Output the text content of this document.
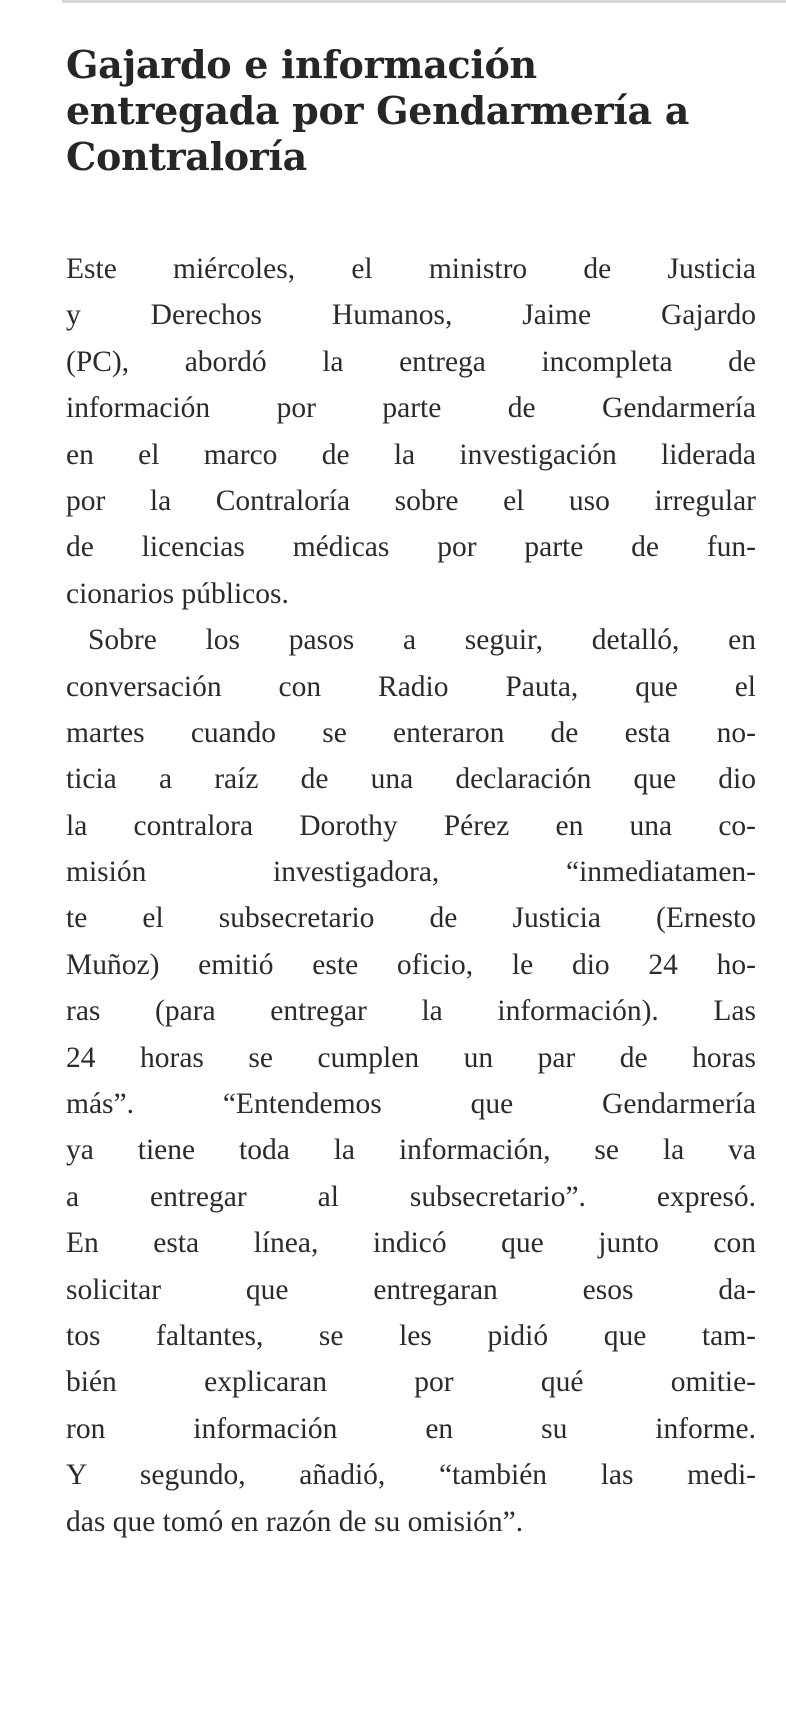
Gajardo e información
entregada por Gendarmería a
Contraloría
Este miércoles, el ministro de Justicia
y Derechos Humanos, Jaime Gajardo
(PC), abordó la entrega incompleta de
información por parte de Gendarmería
en el marco de la investigación liderada
por la Contraloría sobre el uso irregular
de licencias médicas por parte de fun-
cionarios públicos.
Sobre los pasos a seguir, detalló, en
conversación con Radio Pauta, que el
martes cuando se enteraron de esta no-
ticia a raíz de una declaración que dio
la contralora Dorothy Pérez en una co-
misión investigadora, “inmediatamen-
te el subsecretario de Justicia (Ernesto
Muñoz) emitió este oficio, le dio 24 ho-
ras (para entregar la información). Las
24 horas se cumplen un par de horas
más”. “Entendemos que Gendarmería
ya tiene toda la información, se la va
a entregar al subsecretario”. expresó.
En esta línea, indicó que junto con
solicitar que entregaran esos da-
tos faltantes, se les pidió que tam-
bién explicaran por qué omitie-
ron información en su informe.
Y segundo, añadió, “también las medi-
das que tomó en razón de su omisión”.
